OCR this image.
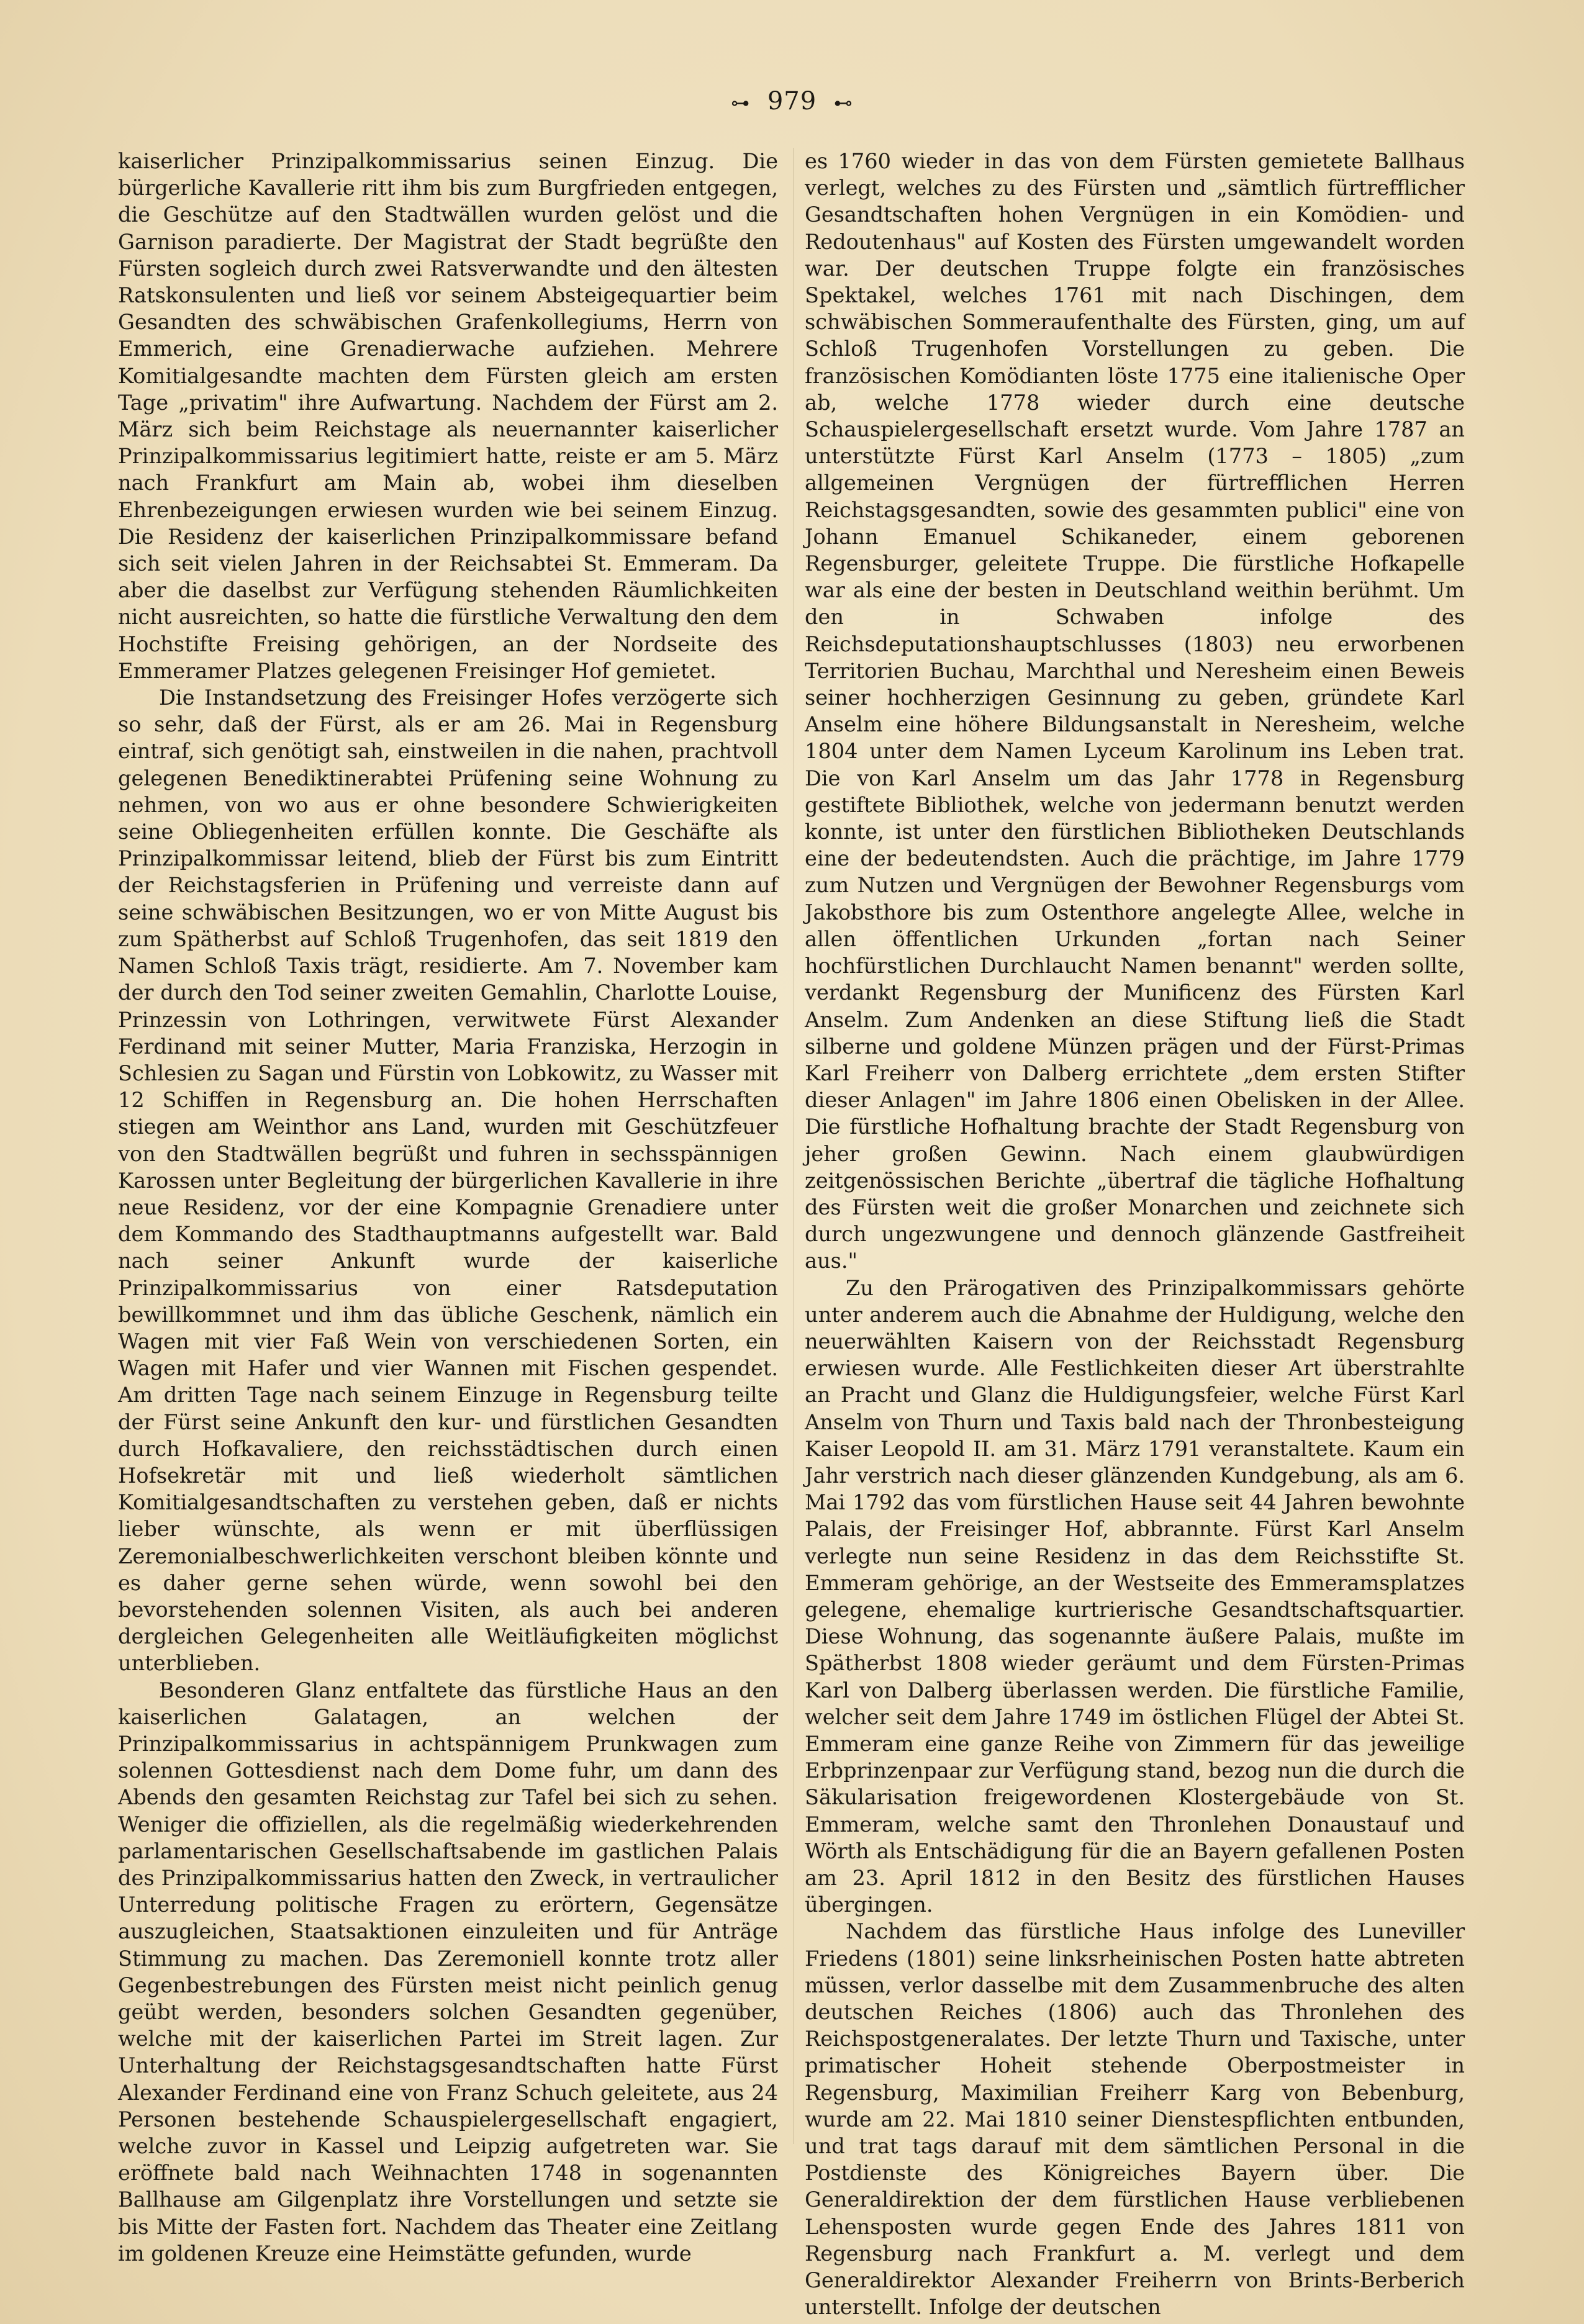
⊶ 979 ⊷

kaiserlicher Prinzipalkommissarius seinen Einzug. Die bürgerliche Kavallerie ritt ihm bis zum Burgfrieden entgegen, die Geschütze auf den Stadtwällen wurden gelöst und die Garnison paradierte. Der Magistrat der Stadt begrüßte den Fürsten sogleich durch zwei Ratsverwandte und den ältesten Ratskonsulenten und ließ vor seinem Absteigequartier beim Gesandten des schwäbischen Grafenkollegiums, Herrn von Emmerich, eine Grenadierwache aufziehen. Mehrere Komitialgesandte machten dem Fürsten gleich am ersten Tage „privatim" ihre Aufwartung. Nachdem der Fürst am 2. März sich beim Reichstage als neuernannter kaiserlicher Prinzipalkommissarius legitimiert hatte, reiste er am 5. März nach Frankfurt am Main ab, wobei ihm dieselben Ehrenbezeigungen erwiesen wurden wie bei seinem Einzug. Die Residenz der kaiserlichen Prinzipalkommissare befand sich seit vielen Jahren in der Reichsabtei St. Emmeram. Da aber die daselbst zur Verfügung stehenden Räumlichkeiten nicht ausreichten, so hatte die fürstliche Verwaltung den dem Hochstifte Freising gehörigen, an der Nordseite des Emmeramer Platzes gelegenen Freisinger Hof gemietet.

Die Instandsetzung des Freisinger Hofes verzögerte sich so sehr, daß der Fürst, als er am 26. Mai in Regensburg eintraf, sich genötigt sah, einstweilen in die nahen, prachtvoll gelegenen Benediktinerabtei Prüfening seine Wohnung zu nehmen, von wo aus er ohne besondere Schwierigkeiten seine Obliegenheiten erfüllen konnte. Die Geschäfte als Prinzipalkommissar leitend, blieb der Fürst bis zum Eintritt der Reichstagsferien in Prüfening und verreiste dann auf seine schwäbischen Besitzungen, wo er von Mitte August bis zum Spätherbst auf Schloß Trugenhofen, das seit 1819 den Namen Schloß Taxis trägt, residierte. Am 7. November kam der durch den Tod seiner zweiten Gemahlin, Charlotte Louise, Prinzessin von Lothringen, verwitwete Fürst Alexander Ferdinand mit seiner Mutter, Maria Franziska, Herzogin in Schlesien zu Sagan und Fürstin von Lobkowitz, zu Wasser mit 12 Schiffen in Regensburg an. Die hohen Herrschaften stiegen am Weinthor ans Land, wurden mit Geschützfeuer von den Stadtwällen begrüßt und fuhren in sechsspännigen Karossen unter Begleitung der bürgerlichen Kavallerie in ihre neue Residenz, vor der eine Kompagnie Grenadiere unter dem Kommando des Stadthauptmanns aufgestellt war. Bald nach seiner Ankunft wurde der kaiserliche Prinzipalkommissarius von einer Ratsdeputation bewillkommnet und ihm das übliche Geschenk, nämlich ein Wagen mit vier Faß Wein von verschiedenen Sorten, ein Wagen mit Hafer und vier Wannen mit Fischen gespendet. Am dritten Tage nach seinem Einzuge in Regensburg teilte der Fürst seine Ankunft den kur- und fürstlichen Gesandten durch Hofkavaliere, den reichsstädtischen durch einen Hofsekretär mit und ließ wiederholt sämtlichen Komitialgesandtschaften zu verstehen geben, daß er nichts lieber wünschte, als wenn er mit überflüssigen Zeremonialbeschwerlichkeiten verschont bleiben könnte und es daher gerne sehen würde, wenn sowohl bei den bevorstehenden solennen Visiten, als auch bei anderen dergleichen Gelegenheiten alle Weitläufigkeiten möglichst unterblieben.

Besonderen Glanz entfaltete das fürstliche Haus an den kaiserlichen Galatagen, an welchen der Prinzipalkommissarius in achtspännigem Prunkwagen zum solennen Gottesdienst nach dem Dome fuhr, um dann des Abends den gesamten Reichstag zur Tafel bei sich zu sehen. Weniger die offiziellen, als die regelmäßig wiederkehrenden parlamentarischen Gesellschaftsabende im gastlichen Palais des Prinzipalkommissarius hatten den Zweck, in vertraulicher Unterredung politische Fragen zu erörtern, Gegensätze auszugleichen, Staatsaktionen einzuleiten und für Anträge Stimmung zu machen. Das Zeremoniell konnte trotz aller Gegenbestrebungen des Fürsten meist nicht peinlich genug geübt werden, besonders solchen Gesandten gegenüber, welche mit der kaiserlichen Partei im Streit lagen. Zur Unterhaltung der Reichstagsgesandtschaften hatte Fürst Alexander Ferdinand eine von Franz Schuch geleitete, aus 24 Personen bestehende Schauspielergesellschaft engagiert, welche zuvor in Kassel und Leipzig aufgetreten war. Sie eröffnete bald nach Weihnachten 1748 in sogenannten Ballhause am Gilgenplatz ihre Vorstellungen und setzte sie bis Mitte der Fasten fort. Nachdem das Theater eine Zeitlang im goldenen Kreuze eine Heimstätte gefunden, wurde

es 1760 wieder in das von dem Fürsten gemietete Ballhaus verlegt, welches zu des Fürsten und „sämtlich fürtrefflicher Gesandtschaften hohen Vergnügen in ein Komödien- und Redoutenhaus" auf Kosten des Fürsten umgewandelt worden war. Der deutschen Truppe folgte ein französisches Spektakel, welches 1761 mit nach Dischingen, dem schwäbischen Sommeraufenthalte des Fürsten, ging, um auf Schloß Trugenhofen Vorstellungen zu geben. Die französischen Komödianten löste 1775 eine italienische Oper ab, welche 1778 wieder durch eine deutsche Schauspielergesellschaft ersetzt wurde. Vom Jahre 1787 an unterstützte Fürst Karl Anselm (1773 – 1805) „zum allgemeinen Vergnügen der fürtrefflichen Herren Reichstagsgesandten, sowie des gesammten publici" eine von Johann Emanuel Schikaneder, einem geborenen Regensburger, geleitete Truppe. Die fürstliche Hofkapelle war als eine der besten in Deutschland weithin berühmt. Um den in Schwaben infolge des Reichsdeputationshauptschlusses (1803) neu erworbenen Territorien Buchau, Marchthal und Neresheim einen Beweis seiner hochherzigen Gesinnung zu geben, gründete Karl Anselm eine höhere Bildungsanstalt in Neresheim, welche 1804 unter dem Namen Lyceum Karolinum ins Leben trat. Die von Karl Anselm um das Jahr 1778 in Regensburg gestiftete Bibliothek, welche von jedermann benutzt werden konnte, ist unter den fürstlichen Bibliotheken Deutschlands eine der bedeutendsten. Auch die prächtige, im Jahre 1779 zum Nutzen und Vergnügen der Bewohner Regensburgs vom Jakobsthore bis zum Ostenthore angelegte Allee, welche in allen öffentlichen Urkunden „fortan nach Seiner hochfürstlichen Durchlaucht Namen benannt" werden sollte, verdankt Regensburg der Munificenz des Fürsten Karl Anselm. Zum Andenken an diese Stiftung ließ die Stadt silberne und goldene Münzen prägen und der Fürst-Primas Karl Freiherr von Dalberg errichtete „dem ersten Stifter dieser Anlagen" im Jahre 1806 einen Obelisken in der Allee. Die fürstliche Hofhaltung brachte der Stadt Regensburg von jeher großen Gewinn. Nach einem glaubwürdigen zeitgenössischen Berichte „übertraf die tägliche Hofhaltung des Fürsten weit die großer Monarchen und zeichnete sich durch ungezwungene und dennoch glänzende Gastfreiheit aus."

Zu den Prärogativen des Prinzipalkommissars gehörte unter anderem auch die Abnahme der Huldigung, welche den neuerwählten Kaisern von der Reichsstadt Regensburg erwiesen wurde. Alle Festlichkeiten dieser Art überstrahlte an Pracht und Glanz die Huldigungsfeier, welche Fürst Karl Anselm von Thurn und Taxis bald nach der Thronbesteigung Kaiser Leopold II. am 31. März 1791 veranstaltete. Kaum ein Jahr verstrich nach dieser glänzenden Kundgebung, als am 6. Mai 1792 das vom fürstlichen Hause seit 44 Jahren bewohnte Palais, der Freisinger Hof, abbrannte. Fürst Karl Anselm verlegte nun seine Residenz in das dem Reichsstifte St. Emmeram gehörige, an der Westseite des Emmeramsplatzes gelegene, ehemalige kurtrierische Gesandtschaftsquartier. Diese Wohnung, das sogenannte äußere Palais, mußte im Spätherbst 1808 wieder geräumt und dem Fürsten-Primas Karl von Dalberg überlassen werden. Die fürstliche Familie, welcher seit dem Jahre 1749 im östlichen Flügel der Abtei St. Emmeram eine ganze Reihe von Zimmern für das jeweilige Erbprinzenpaar zur Verfügung stand, bezog nun die durch die Säkularisation freigewordenen Klostergebäude von St. Emmeram, welche samt den Thronlehen Donaustauf und Wörth als Entschädigung für die an Bayern gefallenen Posten am 23. April 1812 in den Besitz des fürstlichen Hauses übergingen.

Nachdem das fürstliche Haus infolge des Luneviller Friedens (1801) seine linksrheinischen Posten hatte abtreten müssen, verlor dasselbe mit dem Zusammenbruche des alten deutschen Reiches (1806) auch das Thronlehen des Reichspostgeneralates. Der letzte Thurn und Taxische, unter primatischer Hoheit stehende Oberpostmeister in Regensburg, Maximilian Freiherr Karg von Bebenburg, wurde am 22. Mai 1810 seiner Dienstespflichten entbunden, und trat tags darauf mit dem sämtlichen Personal in die Postdienste des Königreiches Bayern über. Die Generaldirektion der dem fürstlichen Hause verbliebenen Lehensposten wurde gegen Ende des Jahres 1811 von Regensburg nach Frankfurt a. M. verlegt und dem Generaldirektor Alexander Freiherrn von Brints-Berberich unterstellt. Infolge der deutschen
